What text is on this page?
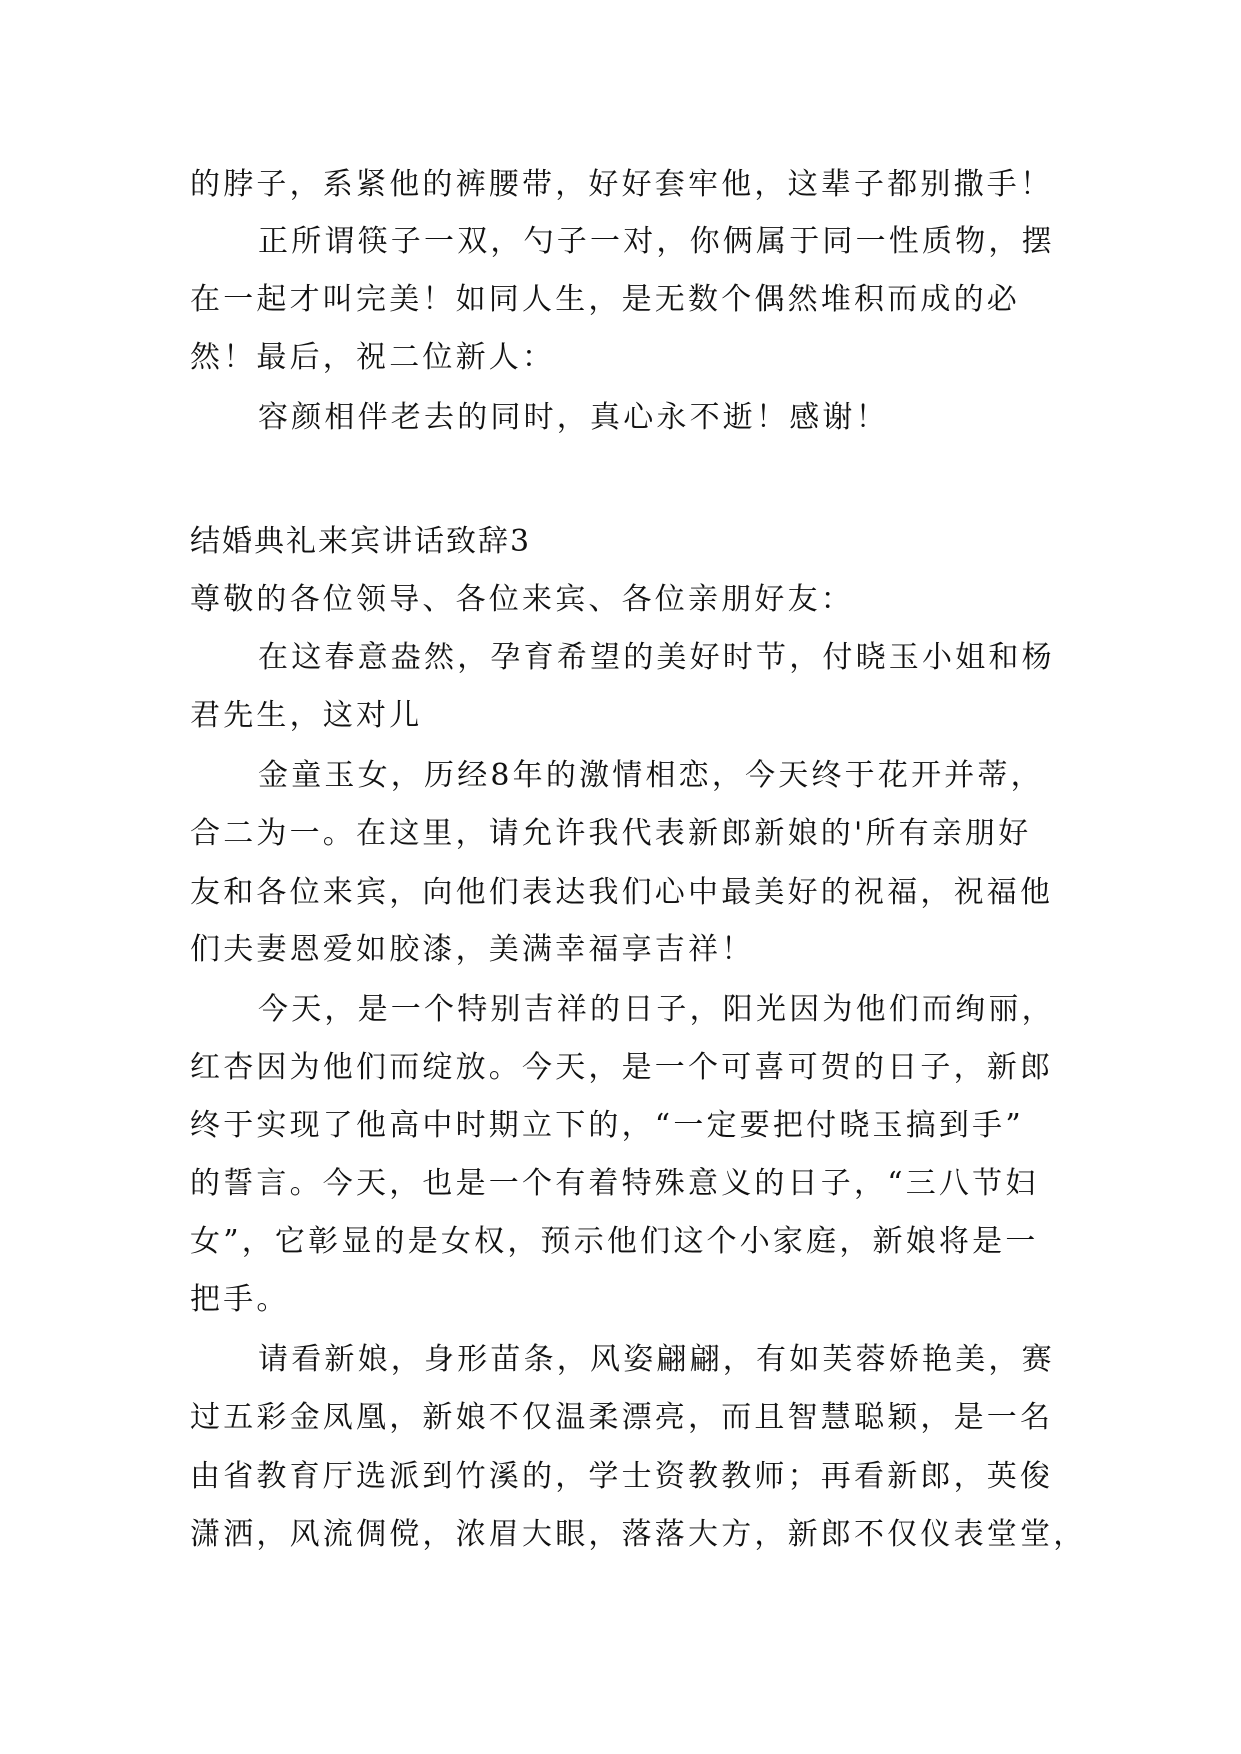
的脖子，系紧他的裤腰带，好好套牢他，这辈子都别撒手！
正所谓筷子一双，勺子一对，你俩属于同一性质物，摆
在一起才叫完美！如同人生，是无数个偶然堆积而成的必
然！最后，祝二位新人：
容颜相伴老去的同时，真心永不逝！感谢！
结婚典礼来宾讲话致辞3
尊敬的各位领导、各位来宾、各位亲朋好友：
在这春意盎然，孕育希望的美好时节，付晓玉小姐和杨
君先生，这对儿
金童玉女，历经8年的激情相恋，今天终于花开并蒂，
合二为一。在这里，请允许我代表新郎新娘的'所有亲朋好
友和各位来宾，向他们表达我们心中最美好的祝福，祝福他
们夫妻恩爱如胶漆，美满幸福享吉祥！
今天，是一个特别吉祥的日子，阳光因为他们而绚丽，
红杏因为他们而绽放。今天，是一个可喜可贺的日子，新郎
终于实现了他高中时期立下的，“一定要把付晓玉搞到手”
的誓言。今天，也是一个有着特殊意义的日子，“三八节妇
女”，它彰显的是女权，预示他们这个小家庭，新娘将是一
把手。
请看新娘，身形苗条，风姿翩翩，有如芙蓉娇艳美，赛
过五彩金凤凰，新娘不仅温柔漂亮，而且智慧聪颖，是一名
由省教育厅选派到竹溪的，学士资教教师；再看新郎，英俊
潇洒，风流倜傥，浓眉大眼，落落大方，新郎不仅仪表堂堂，
